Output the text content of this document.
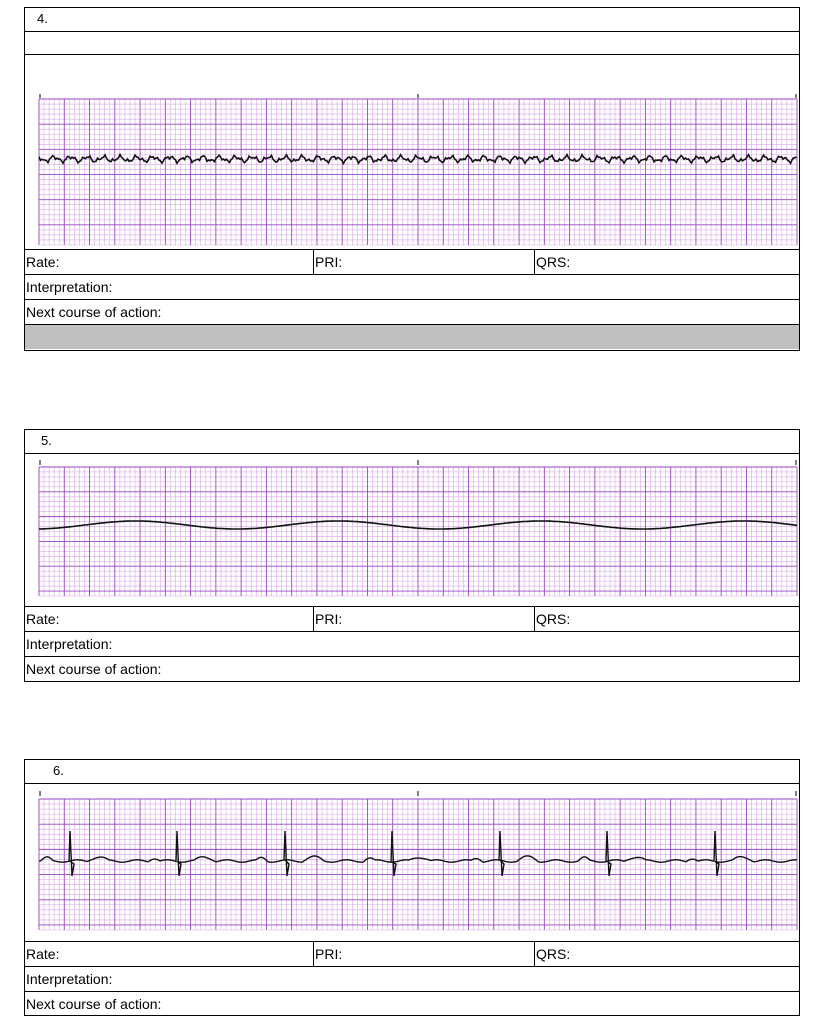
4.
Rate:	PRI:	QRS:
Interpretation:
Next course of action:
5.
Rate:	PRI:	QRS:
Interpretation:
Next course of action:
6.
Rate:	PRI:	QRS:
Interpretation:
Next course of action:
